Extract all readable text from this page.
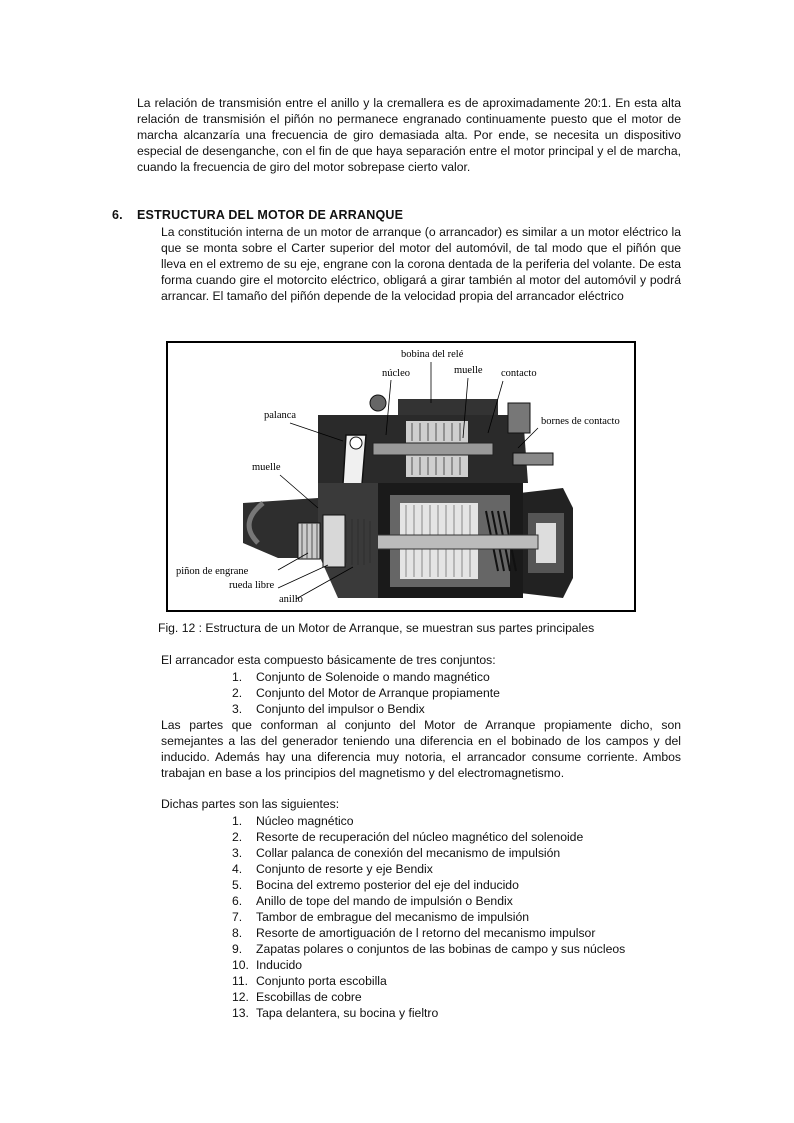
La relación de transmisión entre el anillo y la cremallera es de aproximadamente 20:1. En esta alta relación de transmisión el piñón no permanece engranado continuamente puesto que el motor de marcha alcanzaría una frecuencia de giro demasiada alta. Por ende, se necesita un dispositivo especial de desenganche, con el fin de que haya separación entre el motor principal y el de marcha, cuando la frecuencia de giro del motor sobrepase cierto valor.

6. ESTRUCTURA DEL MOTOR DE ARRANQUE

La constitución interna de un motor de arranque (o arrancador) es similar a un motor eléctrico la que se monta sobre el Carter superior del motor del automóvil, de tal modo que el piñón que lleva en el extremo de su eje, engrane con la corona dentada de la periferia del volante. De esta forma cuando gire el motorcito eléctrico, obligará a girar también al motor del automóvil y podrá arrancar. El tamaño del piñón depende de la velocidad propia del arrancador eléctrico

bobina del relé
núcleo	muelle contacto
palanca
bornes de contacto
muelle
piñon de engrane
rueda libre
anillo
Fig. 12 : Estructura de un Motor de Arranque, se muestran sus partes principales
El arrancador esta compuesto básicamente de tres conjuntos:
1.	Conjunto de Solenoide o mando magnético
2.	Conjunto del Motor de Arranque propiamente
3.	Conjunto del impulsor o Bendix

Las partes que conforman al conjunto del Motor de Arranque propiamente dicho, son semejantes a las del generador teniendo una diferencia en el bobinado de los campos y del inducido. Además hay una diferencia muy notoria, el arrancador consume corriente. Ambos trabajan en base a los principios del magnetismo y del electromagnetismo.

Dichas partes son las siguientes:
1.	Núcleo magnético
2.	Resorte de recuperación del núcleo magnético del solenoide
3.	Collar palanca de conexión del mecanismo de impulsión
4.	Conjunto de resorte y eje Bendix
5.	Bocina del extremo posterior del eje del inducido
6.	Anillo de tope del mando de impulsión o Bendix
7.	Tambor de embrague del mecanismo de impulsión
8.	Resorte de amortiguación de l retorno del mecanismo impulsor
9.	Zapatas polares o conjuntos de las bobinas de campo y sus núcleos
10. Inducido
11. Conjunto porta escobilla
12. Escobillas de cobre
13. Tapa delantera, su bocina y fieltro
